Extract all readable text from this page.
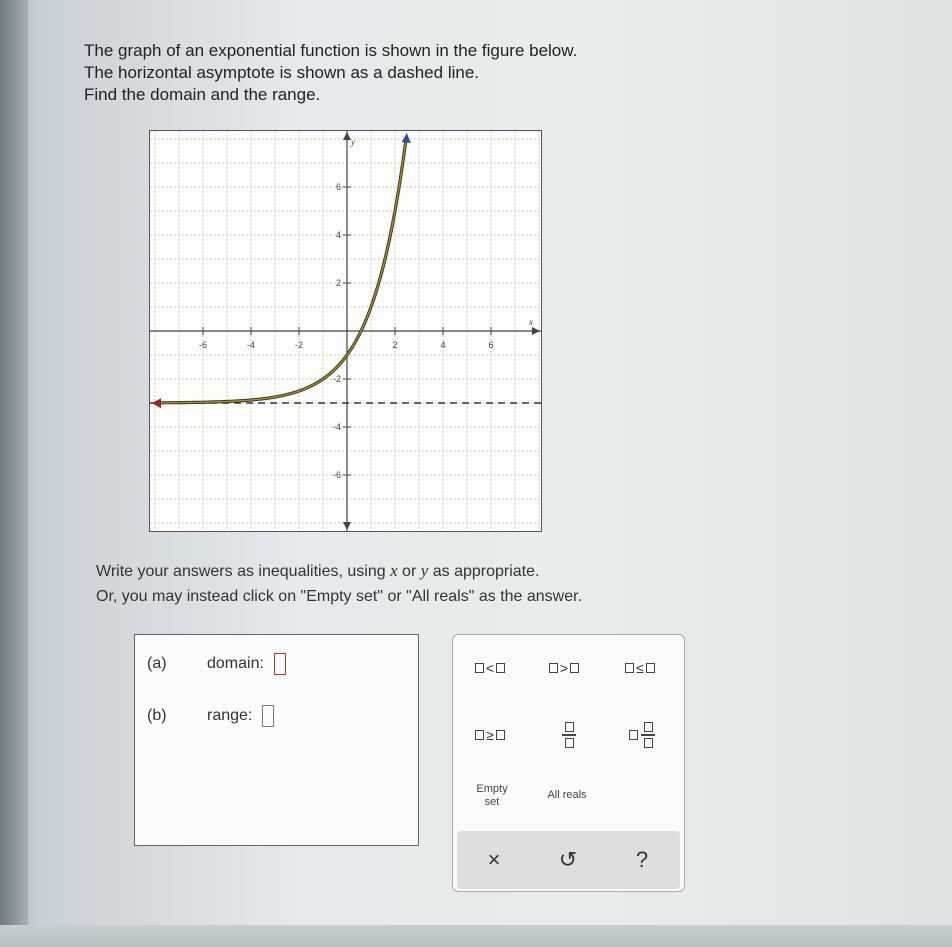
The graph of an exponential function is shown in the figure below.
The horizontal asymptote is shown as a dashed line.
Find the domain and the range.
x
y
-6	-4	-2	2	4	6
6
4
2
-2
-4
-6
Write your answers as inequalities, using x or y as appropriate.
Or, you may instead click on "Empty set" or "All reals" as the answer.
(a)	domain:
(b)	range:
<	>	≤
≥
Empty
set
All reals
×	↺	?
